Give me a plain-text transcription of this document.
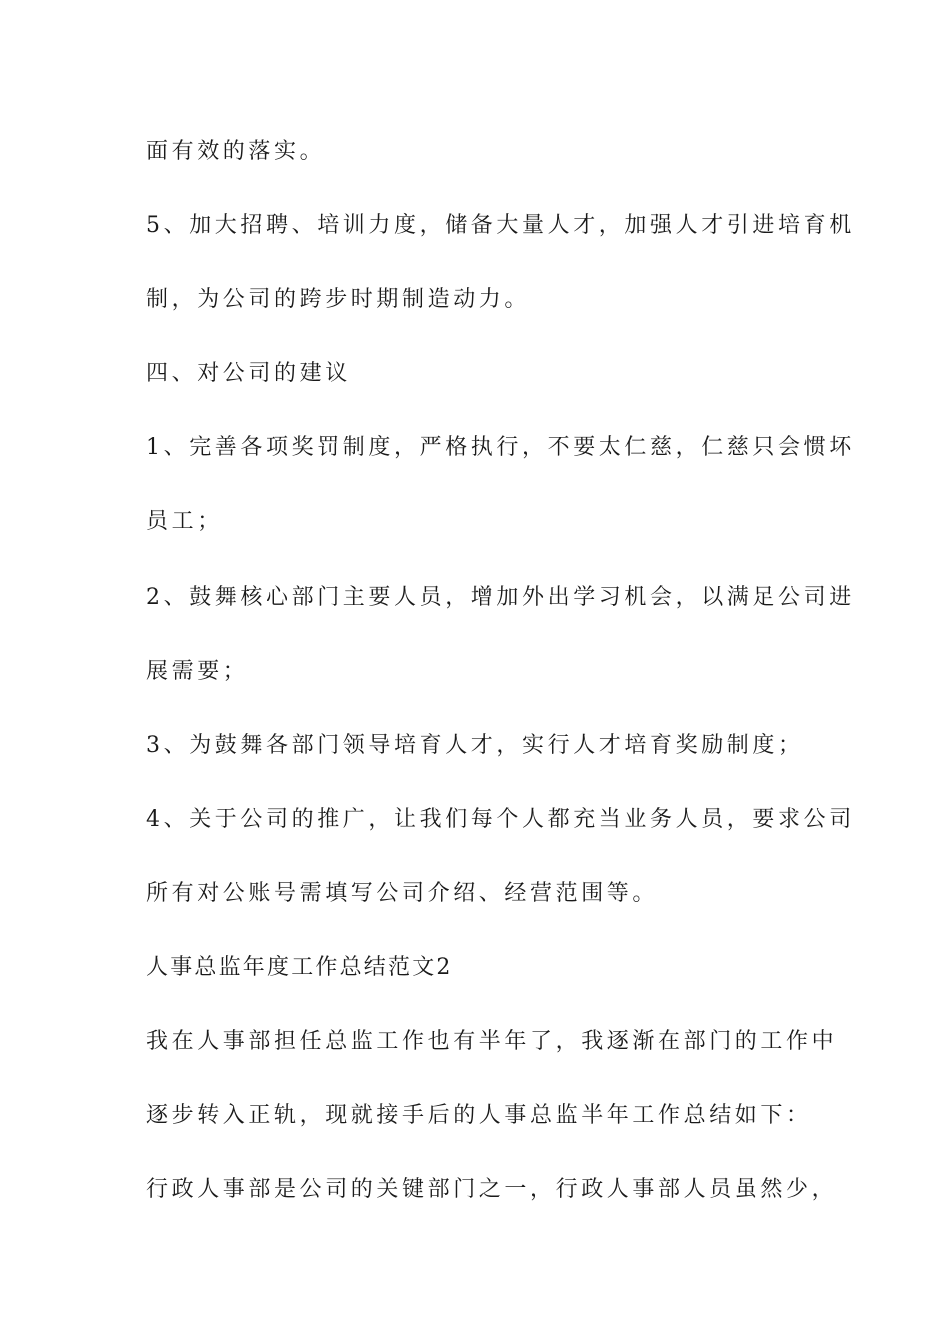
面有效的落实。
5、加大招聘、培训力度，储备大量人才，加强人才引进培育机
制，为公司的跨步时期制造动力。
四、对公司的建议
1、完善各项奖罚制度，严格执行，不要太仁慈，仁慈只会惯坏
员工；
2、鼓舞核心部门主要人员，增加外出学习机会，以满足公司进
展需要；
3、为鼓舞各部门领导培育人才，实行人才培育奖励制度；
4、关于公司的推广，让我们每个人都充当业务人员，要求公司
所有对公账号需填写公司介绍、经营范围等。
人事总监年度工作总结范文2
我在人事部担任总监工作也有半年了，我逐渐在部门的工作中
逐步转入正轨，现就接手后的人事总监半年工作总结如下：
行政人事部是公司的关键部门之一，行政人事部人员虽然少，
